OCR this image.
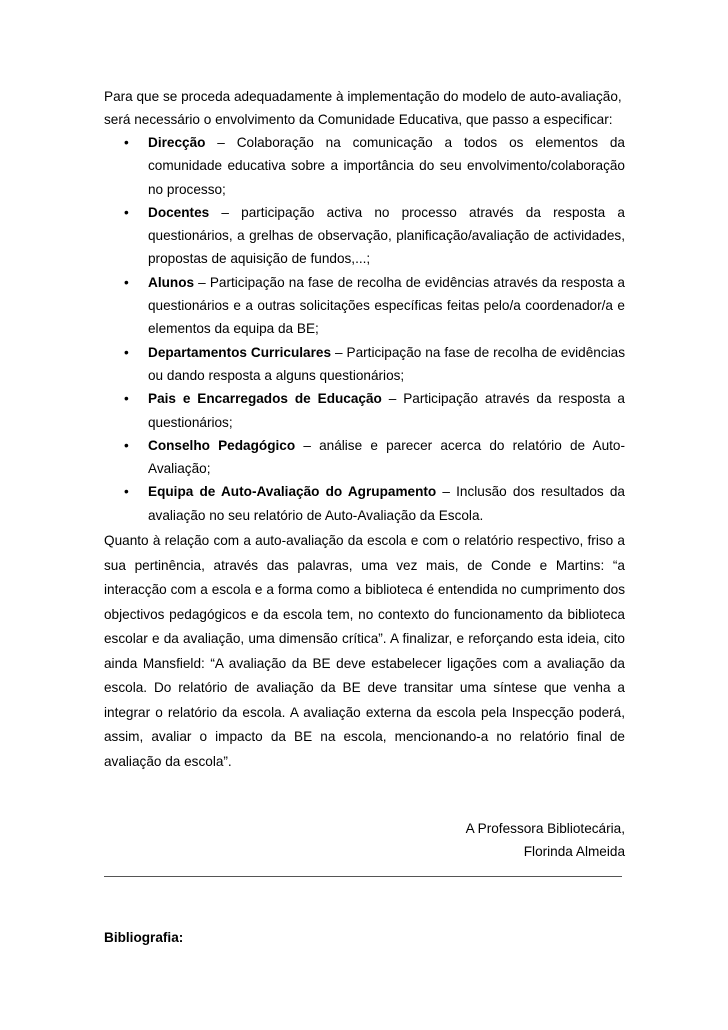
Para que se proceda adequadamente à implementação do modelo de auto-avaliação, será necessário o envolvimento da Comunidade Educativa, que passo a especificar:

• Direcção – Colaboração na comunicação a todos os elementos da comunidade educativa sobre a importância do seu envolvimento/colaboração no processo;
• Docentes – participação activa no processo através da resposta a questionários, a grelhas de observação, planificação/avaliação de actividades, propostas de aquisição de fundos,...;
• Alunos – Participação na fase de recolha de evidências através da resposta a questionários e a outras solicitações específicas feitas pelo/a coordenador/a e elementos da equipa da BE;
• Departamentos Curriculares – Participação na fase de recolha de evidências ou dando resposta a alguns questionários;
• Pais e Encarregados de Educação – Participação através da resposta a questionários;
• Conselho Pedagógico – análise e parecer acerca do relatório de Auto-Avaliação;
• Equipa de Auto-Avaliação do Agrupamento – Inclusão dos resultados da avaliação no seu relatório de Auto-Avaliação da Escola.

Quanto à relação com a auto-avaliação da escola e com o relatório respectivo, friso a sua pertinência, através das palavras, uma vez mais, de Conde e Martins: “a interacção com a escola e a forma como a biblioteca é entendida no cumprimento dos objectivos pedagógicos e da escola tem, no contexto do funcionamento da biblioteca escolar e da avaliação, uma dimensão crítica”. A finalizar, e reforçando esta ideia, cito ainda Mansfield: “A avaliação da BE deve estabelecer ligações com a avaliação da escola. Do relatório de avaliação da BE deve transitar uma síntese que venha a integrar o relatório da escola. A avaliação externa da escola pela Inspecção poderá, assim, avaliar o impacto da BE na escola, mencionando-a no relatório final de avaliação da escola”.

A Professora Bibliotecária,
Florinda Almeida
Bibliografia:
